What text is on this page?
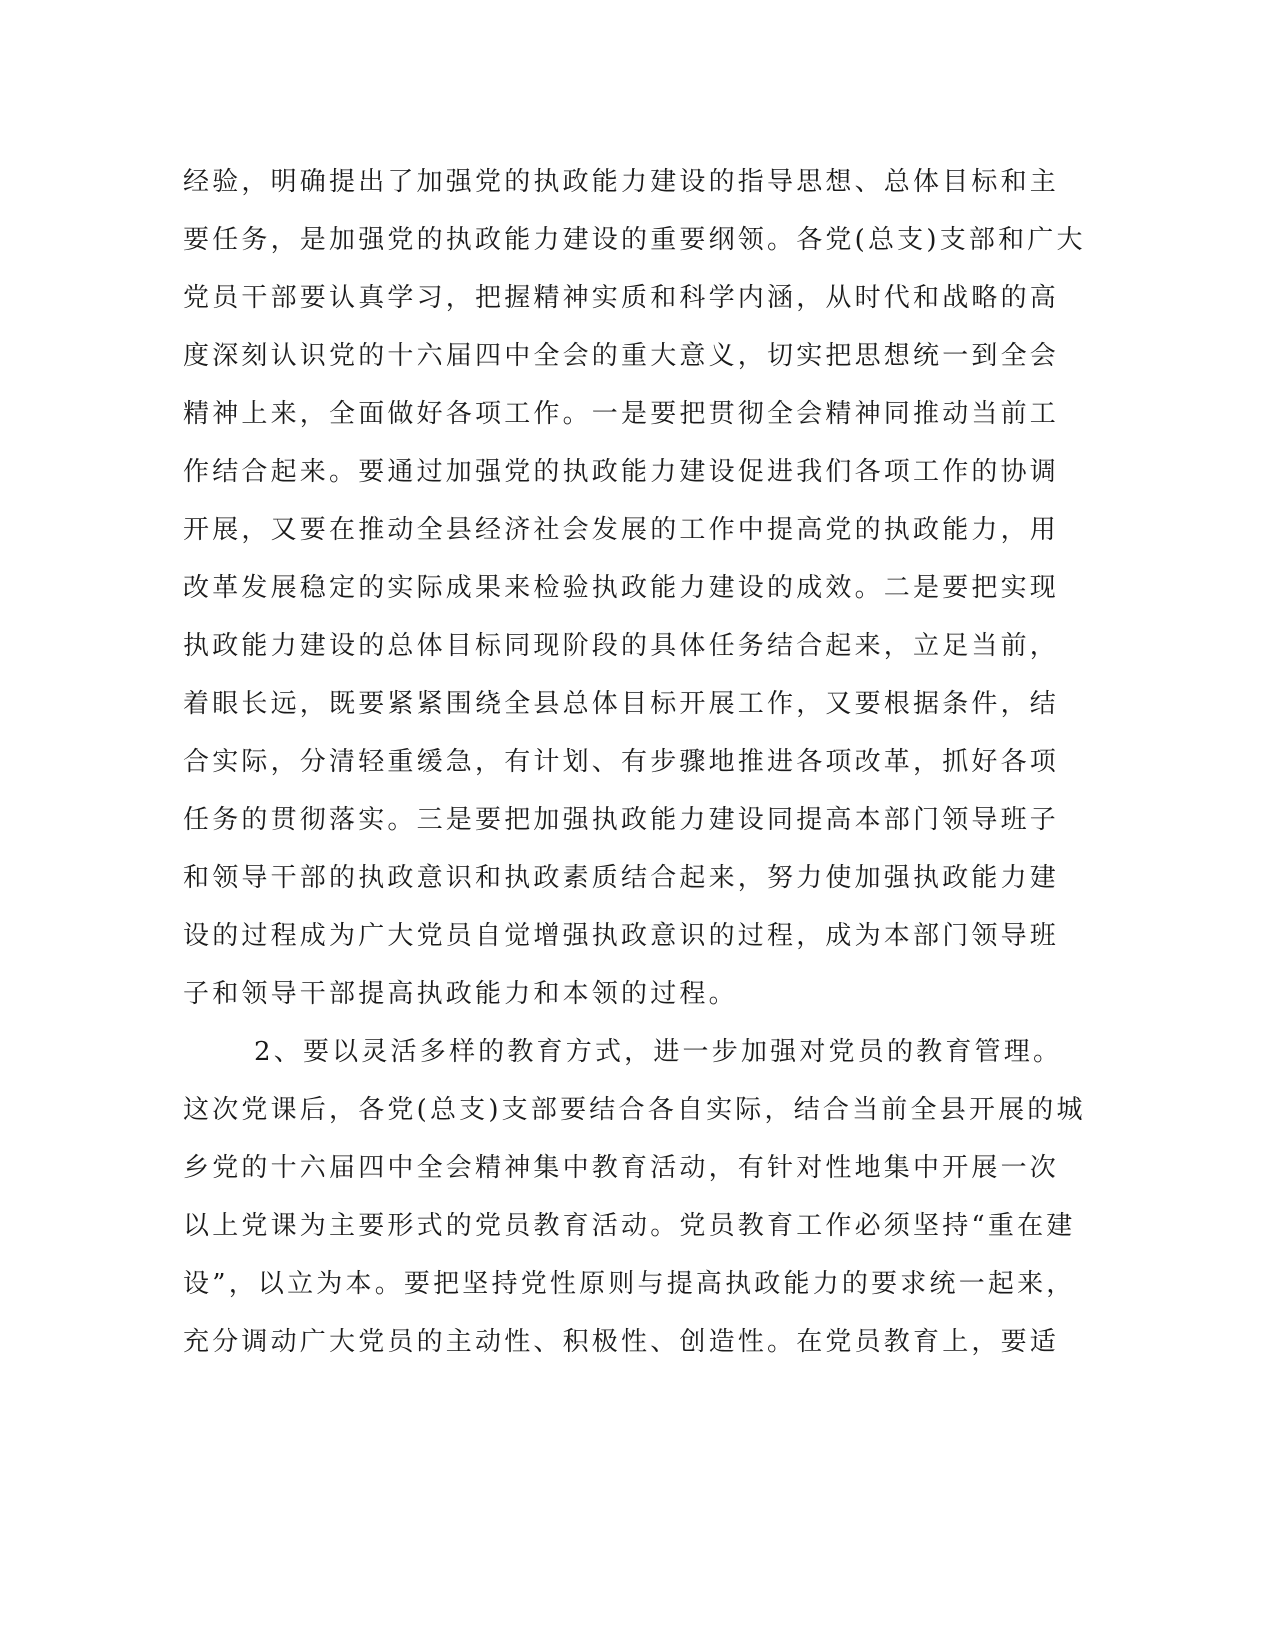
经验，明确提出了加强党的执政能力建设的指导思想、总体目标和主
要任务，是加强党的执政能力建设的重要纲领。各党(总支)支部和广大
党员干部要认真学习，把握精神实质和科学内涵，从时代和战略的高
度深刻认识党的十六届四中全会的重大意义，切实把思想统一到全会
精神上来，全面做好各项工作。一是要把贯彻全会精神同推动当前工
作结合起来。要通过加强党的执政能力建设促进我们各项工作的协调
开展，又要在推动全县经济社会发展的工作中提高党的执政能力，用
改革发展稳定的实际成果来检验执政能力建设的成效。二是要把实现
执政能力建设的总体目标同现阶段的具体任务结合起来，立足当前，
着眼长远，既要紧紧围绕全县总体目标开展工作，又要根据条件，结
合实际，分清轻重缓急，有计划、有步骤地推进各项改革，抓好各项
任务的贯彻落实。三是要把加强执政能力建设同提高本部门领导班子
和领导干部的执政意识和执政素质结合起来，努力使加强执政能力建
设的过程成为广大党员自觉增强执政意识的过程，成为本部门领导班
子和领导干部提高执政能力和本领的过程。
2、要以灵活多样的教育方式，进一步加强对党员的教育管理。
这次党课后，各党(总支)支部要结合各自实际，结合当前全县开展的城
乡党的十六届四中全会精神集中教育活动，有针对性地集中开展一次
以上党课为主要形式的党员教育活动。党员教育工作必须坚持“重在建
设”，以立为本。要把坚持党性原则与提高执政能力的要求统一起来，
充分调动广大党员的主动性、积极性、创造性。在党员教育上，要适
